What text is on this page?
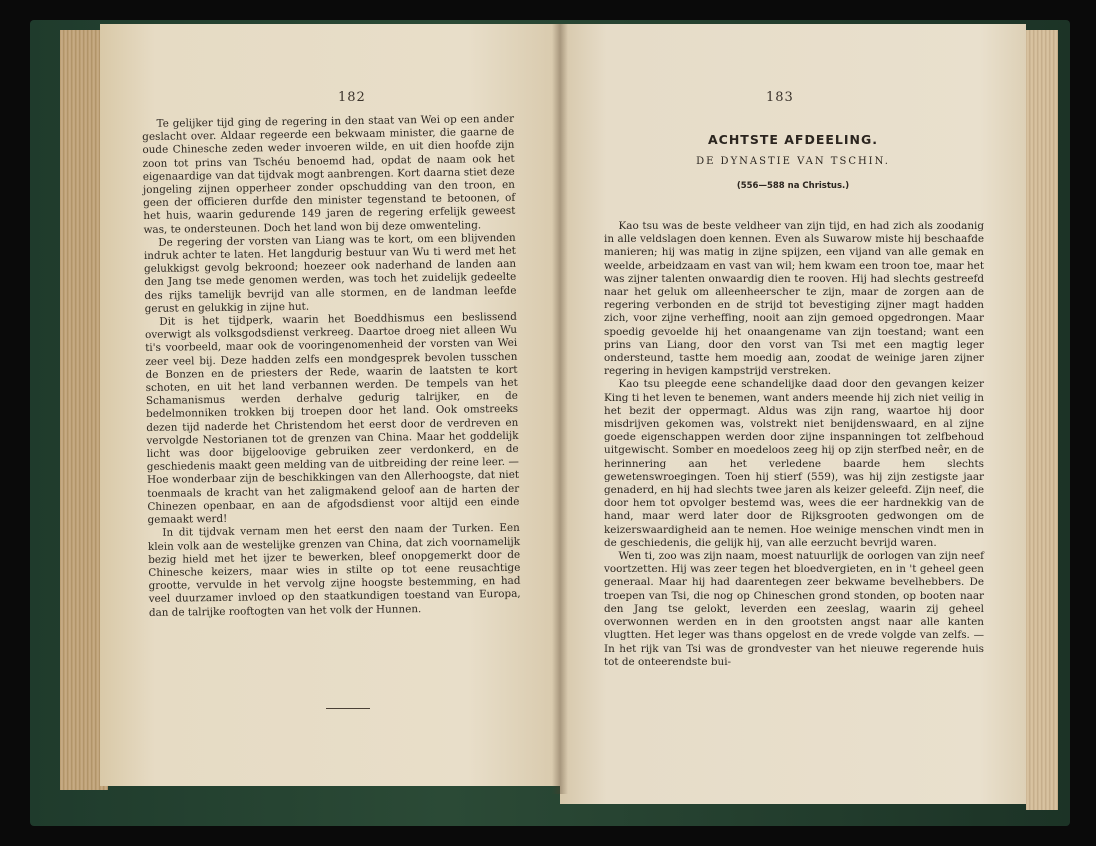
182

Te gelijker tijd ging de regering in den staat van Wei op een ander geslacht over. Aldaar regeerde een bekwaam minister, die gaarne de oude Chinesche zeden weder invoeren wilde, en uit dien hoofde zijn zoon tot prins van Tschéu benoemd had, opdat de naam ook het eigenaardige van dat tijdvak mogt aanbrengen. Kort daarna stiet deze jongeling zijnen opperheer zonder opschudding van den troon, en geen der officieren durfde den minister tegenstand te betoonen, of het huis, waarin gedurende 149 jaren de regering erfelijk geweest was, te ondersteunen. Doch het land won bij deze omwenteling.

De regering der vorsten van Liang was te kort, om een blijvenden indruk achter te laten. Het langdurig bestuur van Wu ti werd met het gelukkigst gevolg bekroond; hoezeer ook naderhand de landen aan den Jang tse mede genomen werden, was toch het zuidelijk gedeelte des rijks tamelijk bevrijd van alle stormen, en de landman leefde gerust en gelukkig in zijne hut.

Dit is het tijdperk, waarin het Boeddhismus een beslissend overwigt als volksgodsdienst verkreeg. Daartoe droeg niet alleen Wu ti's voorbeeld, maar ook de vooringenomenheid der vorsten van Wei zeer veel bij. Deze hadden zelfs een mondgesprek bevolen tusschen de Bonzen en de priesters der Rede, waarin de laatsten te kort schoten, en uit het land verbannen werden. De tempels van het Schamanismus werden derhalve gedurig talrijker, en de bedelmonniken trokken bij troepen door het land. Ook omstreeks dezen tijd naderde het Christendom het eerst door de verdreven en vervolgde Nestorianen tot de grenzen van China. Maar het goddelijk licht was door bijgeloovige gebruiken zeer verdonkerd, en de geschiedenis maakt geen melding van de uitbreiding der reine leer. — Hoe wonderbaar zijn de beschikkingen van den Allerhoogste, dat niet toenmaals de kracht van het zaligmakend geloof aan de harten der Chinezen openbaar, en aan de afgodsdienst voor altijd een einde gemaakt werd!

In dit tijdvak vernam men het eerst den naam der Turken. Een klein volk aan de westelijke grenzen van China, dat zich voornamelijk bezig hield met het ijzer te bewerken, bleef onopgemerkt door de Chinesche keizers, maar wies in stilte op tot eene reusachtige grootte, vervulde in het vervolg zijne hoogste bestemming, en had veel duurzamer invloed op den staatkundigen toestand van Europa, dan de talrijke rooftogten van het volk der Hunnen.

183
ACHTSTE AFDEELING.
DE DYNASTIE VAN TSCHIN.
(556—588 na Christus.)

Kao tsu was de beste veldheer van zijn tijd, en had zich als zoodanig in alle veldslagen doen kennen. Even als Suwarow miste hij beschaafde manieren; hij was matig in zijne spijzen, een vijand van alle gemak en weelde, arbeidzaam en vast van wil; hem kwam een troon toe, maar het was zijner talenten onwaardig dien te rooven. Hij had slechts gestreefd naar het geluk om alleenheerscher te zijn, maar de zorgen aan de regering verbonden en de strijd tot bevestiging zijner magt hadden zich, voor zijne verheffing, nooit aan zijn gemoed opgedrongen. Maar spoedig gevoelde hij het onaangename van zijn toestand; want een prins van Liang, door den vorst van Tsi met een magtig leger ondersteund, tastte hem moedig aan, zoodat de weinige jaren zijner regering in hevigen kampstrijd verstreken.

Kao tsu pleegde eene schandelijke daad door den gevangen keizer King ti het leven te benemen, want anders meende hij zich niet veilig in het bezit der oppermagt. Aldus was zijn rang, waartoe hij door misdrijven gekomen was, volstrekt niet benijdenswaard, en al zijne goede eigenschappen werden door zijne inspanningen tot zelfbehoud uitgewischt. Somber en moedeloos zeeg hij op zijn sterfbed neêr, en de herinnering aan het verledene baarde hem slechts gewetenswroegingen. Toen hij stierf (559), was hij zijn zestigste jaar genaderd, en hij had slechts twee jaren als keizer geleefd. Zijn neef, die door hem tot opvolger bestemd was, wees die eer hardnekkig van de hand, maar werd later door de Rijksgrooten gedwongen om de keizerswaardigheid aan te nemen. Hoe weinige menschen vindt men in de geschiedenis, die gelijk hij, van alle eerzucht bevrijd waren.

Wen ti, zoo was zijn naam, moest natuurlijk de oorlogen van zijn neef voortzetten. Hij was zeer tegen het bloedvergieten, en in 't geheel geen generaal. Maar hij had daarentegen zeer bekwame bevelhebbers. De troepen van Tsi, die nog op Chineschen grond stonden, op booten naar den Jang tse gelokt, leverden een zeeslag, waarin zij geheel overwonnen werden en in den grootsten angst naar alle kanten vlugtten. Het leger was thans opgelost en de vrede volgde van zelfs. — In het rijk van Tsi was de grondvester van het nieuwe regerende huis tot de onteerendste bui-
